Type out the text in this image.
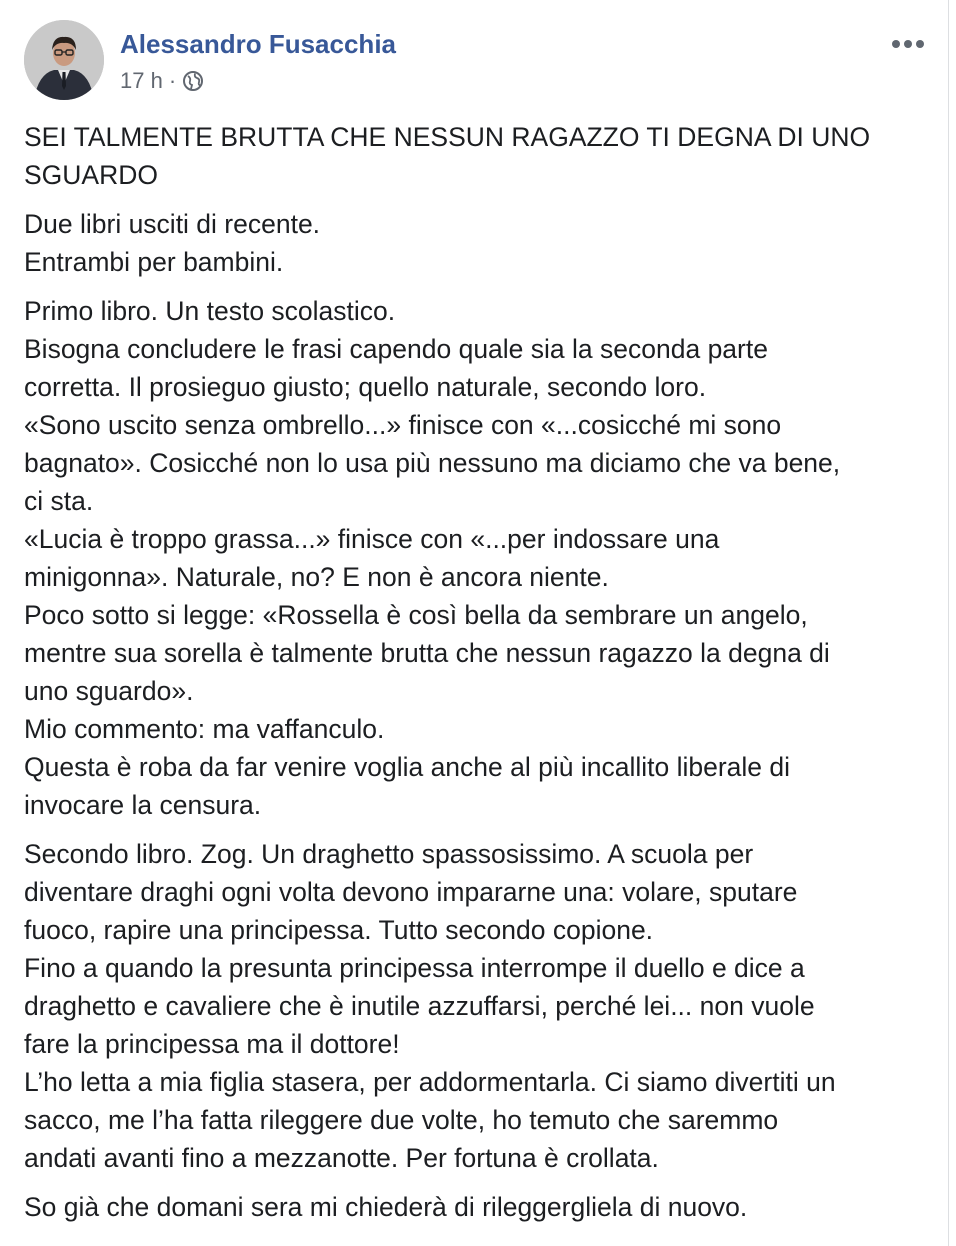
Alessandro Fusacchia
17 h ·

SEI TALMENTE BRUTTA CHE NESSUN RAGAZZO TI DEGNA DI UNO
SGUARDO

Due libri usciti di recente.
Entrambi per bambini.

Primo libro. Un testo scolastico.
Bisogna concludere le frasi capendo quale sia la seconda parte
corretta. Il prosieguo giusto; quello naturale, secondo loro.
«Sono uscito senza ombrello...» finisce con «...cosicché mi sono
bagnato». Cosicché non lo usa più nessuno ma diciamo che va bene,
ci sta.
«Lucia è troppo grassa...» finisce con «...per indossare una
minigonna». Naturale, no? E non è ancora niente.
Poco sotto si legge: «Rossella è così bella da sembrare un angelo,
mentre sua sorella è talmente brutta che nessun ragazzo la degna di
uno sguardo».
Mio commento: ma vaffanculo.
Questa è roba da far venire voglia anche al più incallito liberale di
invocare la censura.

Secondo libro. Zog. Un draghetto spassosissimo. A scuola per
diventare draghi ogni volta devono impararne una: volare, sputare
fuoco, rapire una principessa. Tutto secondo copione.
Fino a quando la presunta principessa interrompe il duello e dice a
draghetto e cavaliere che è inutile azzuffarsi, perché lei... non vuole
fare la principessa ma il dottore!
L’ho letta a mia figlia stasera, per addormentarla. Ci siamo divertiti un
sacco, me l’ha fatta rileggere due volte, ho temuto che saremmo
andati avanti fino a mezzanotte. Per fortuna è crollata.

So già che domani sera mi chiederà di rileggergliela di nuovo.
